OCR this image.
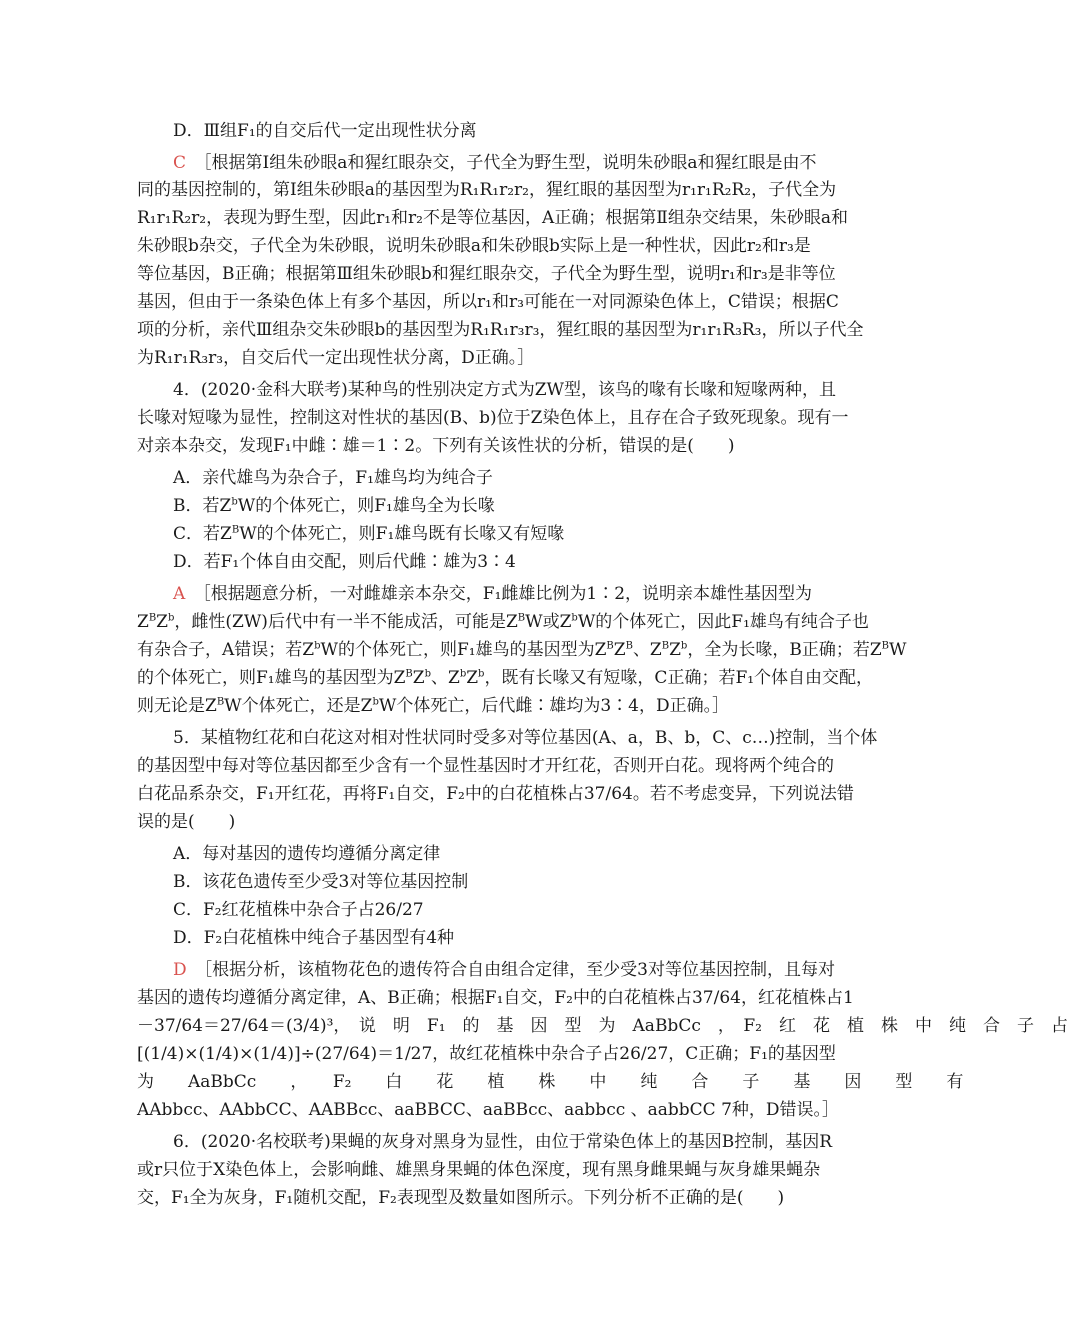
D．Ⅲ组F₁的自交后代一定出现性状分离
C　 ［根据第Ⅰ组朱砂眼a和猩红眼杂交，子代全为野生型，说明朱砂眼a和猩红眼是由不
同的基因控制的，第Ⅰ组朱砂眼a的基因型为R₁R₁r₂r₂，猩红眼的基因型为r₁r₁R₂R₂，子代全为
R₁r₁R₂r₂，表现为野生型，因此r₁和r₂不是等位基因，A正确；根据第Ⅱ组杂交结果，朱砂眼a和
朱砂眼b杂交，子代全为朱砂眼，说明朱砂眼a和朱砂眼b实际上是一种性状，因此r₂和r₃是
等位基因，B正确；根据第Ⅲ组朱砂眼b和猩红眼杂交，子代全为野生型，说明r₁和r₃是非等位
基因，但由于一条染色体上有多个基因，所以r₁和r₃可能在一对同源染色体上，C错误；根据C
项的分析，亲代Ⅲ组杂交朱砂眼b的基因型为R₁R₁r₃r₃，猩红眼的基因型为r₁r₁R₃R₃，所以子代全
为R₁r₁R₃r₃，自交后代一定出现性状分离，D正确。］
4．(2020·金科大联考)某种鸟的性别决定方式为ZW型，该鸟的喙有长喙和短喙两种，且
长喙对短喙为显性，控制这对性状的基因(B、b)位于Z染色体上，且存在合子致死现象。现有一
对亲本杂交，发现F₁中雌∶雄＝1∶2。下列有关该性状的分析，错误的是(　　)
A．亲代雄鸟为杂合子，F₁雄鸟均为纯合子
B．若$Z^bW$的个体死亡，则F₁雄鸟全为长喙
C．若$Z^BW$的个体死亡，则F₁雄鸟既有长喙又有短喙
D．若F₁个体自由交配，则后代雌∶雄为3∶4
A　 ［根据题意分析，一对雌雄亲本杂交，F₁雌雄比例为1∶2，说明亲本雄性基因型为
$Z^BZ^b$，雌性(ZW)后代中有一半不能成活，可能是$Z^BW$或$Z^bW$的个体死亡，因此F₁雄鸟有纯合子也
有杂合子，A错误；若$Z^bW$的个体死亡，则F₁雄鸟的基因型为$Z^BZ^B$、$Z^BZ^b$，全为长喙，B正确；若$Z^BW$
的个体死亡，则F₁雄鸟的基因型为$Z^BZ^b$、$Z^bZ^b$，既有长喙又有短喙，C正确；若F₁个体自由交配，
则无论是$Z^BW$个体死亡，还是$Z^bW$个体死亡，后代雌∶雄均为3∶4，D正确。］
5．某植物红花和白花这对相对性状同时受多对等位基因(A、a，B、b，C、c…)控制，当个体
的基因型中每对等位基因都至少含有一个显性基因时才开红花，否则开白花。现将两个纯合的
白花品系杂交，F₁开红花，再将F₁自交，F₂中的白花植株占37/64。若不考虑变异，下列说法错
误的是(　　)
A．每对基因的遗传均遵循分离定律
B．该花色遗传至少受3对等位基因控制
C．F₂红花植株中杂合子占26/27
D．F₂白花植株中纯合子基因型有4种
D　 ［根据分析，该植物花色的遗传符合自由组合定律，至少受3对等位基因控制，且每对
基因的遗传均遵循分离定律，A、B正确；根据F₁自交，F₂中的白花植株占37/64，红花植株占1
－37/64＝27/64＝(3/4)³，　说　明　F₁　的　基　因　型　为　AaBbCc　，　F₂　红　花　植　株　中　纯　合　子　占
[(1/4)×(1/4)×(1/4)]÷(27/64)＝1/27，故红花植株中杂合子占26/27，C正确；F₁的基因型
为　　AaBbCc　　，　　F₂　　白　　花　　植　　株　　中　　纯　　合　　子　　基　　因　　型　　有
AAbbcc、AAbbCC、AABBcc、aaBBCC、aaBBcc、aabbcc 、aabbCC 7种，D错误。］
6．(2020·名校联考)果蝇的灰身对黑身为显性，由位于常染色体上的基因B控制，基因R
或r只位于X染色体上，会影响雌、雄黑身果蝇的体色深度，现有黑身雌果蝇与灰身雄果蝇杂
交，F₁全为灰身，F₁随机交配，F₂表现型及数量如图所示。下列分析不正确的是(　　)
